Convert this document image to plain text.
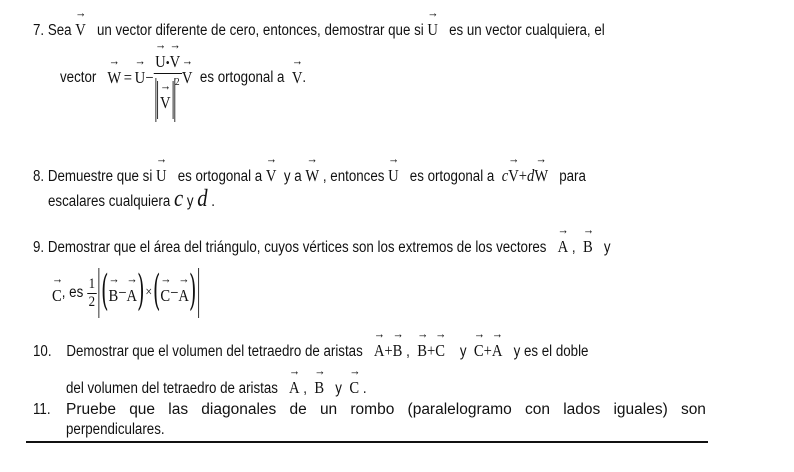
7. Sea
→
V un vector diferente de cero, entonces, demostrar que si
→
U es un vector cualquiera, el
vector

→
W =
→
U − →
U•
→
V
→
V
$^2$ →
V
es ortogonal a

→
V .
8. Demuestre que si
→
U es ortogonal a
→
V y a
→
W , entonces
→
U es ortogonal a c
→
V+d
→
W para
escalares cualquiera c y d .
9. Demostrar que el área del triángulo, cuyos vértices son los extremos de los vectores
→
A ,
→
B y
→
C , es
$\frac{1}{2}$ ( →
B −
→
A ) × ( →
C −
→
A )
10. Demostrar que el volumen del tetraedro de aristas
→
A+
→
B ,
→
B+
→
C y
→
C+
→
A y es el doble
del volumen del tetraedro de aristas
→
A ,
→
B y
→
C .
11. Pruebe que las diagonales de un rombo (paralelogramo con lados iguales) son
perpendiculares.
